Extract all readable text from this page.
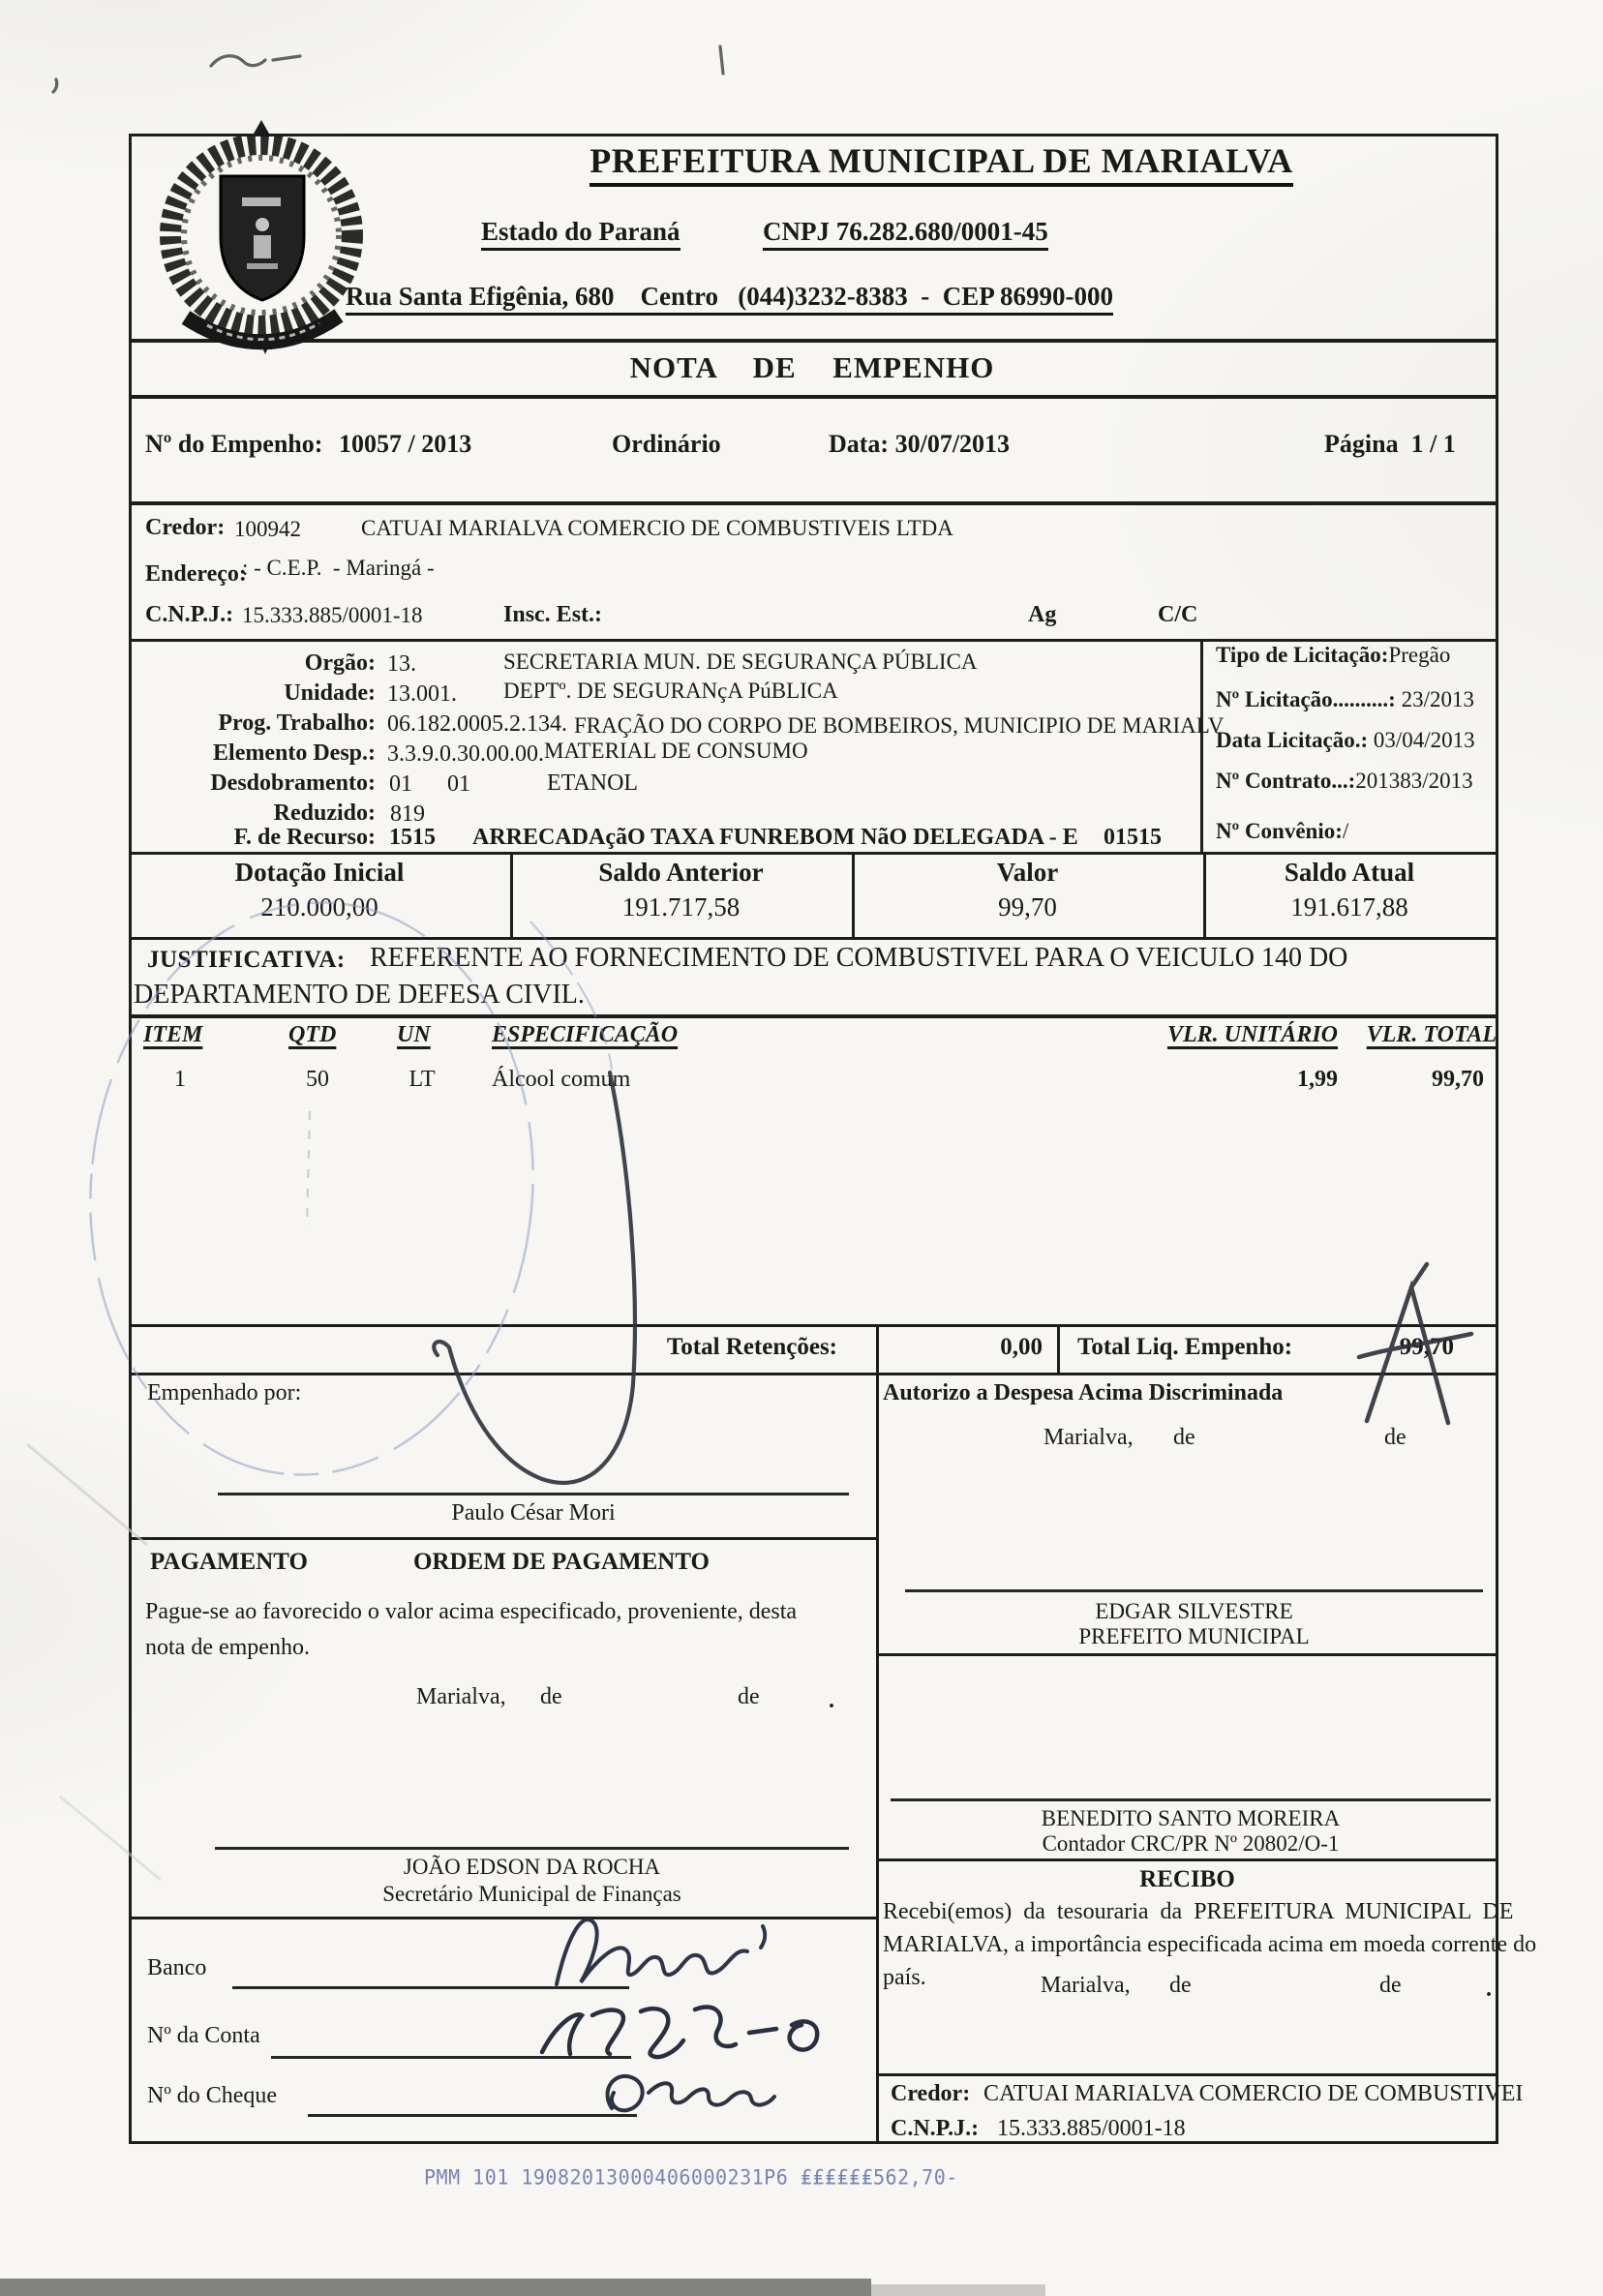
PREFEITURA MUNICIPAL DE MARIALVA
Estado do Paraná	CNPJ 76.282.680/0001-45
Rua Santa Efigênia, 680    Centro   (044)3232-8383  -  CEP 86990-000
NOTA  DE  EMPENHO
Nº do Empenho: 10057 / 2013	Ordinário	Data: 30/07/2013	Página  1 / 1
Credor: 100942	CATUAI MARIALVA COMERCIO DE COMBUSTIVEIS LTDA
Endereço:
: - C.E.P.  - Maringá -
C.N.P.J.: 15.333.885/0001-18	Insc. Est.:	Ag	C/C
Orgão: 13.	SECRETARIA MUN. DE SEGURANÇA PÚBLICA
Unidade: 13.001. DEPTº. DE SEGURANçA PúBLICA
Prog. Trabalho: 06.182.0005.2.134. FRAÇÃO DO CORPO DE BOMBEIROS, MUNICIPIO DE MARIALV
Elemento Desp.: 3.3.9.0.30.00.00. MATERIAL DE CONSUMO
Desdobramento: 01      01	ETANOL
Reduzido: 819
F. de Recurso: 1515 ARRECADAçãO TAXA FUNREBOM NãO DELEGADA - E 01515
Tipo de Licitação:Pregão
Nº Licitação..........: 23/2013
Data Licitação.: 03/04/2013
Nº Contrato...:201383/2013
Nº Convênio:/
Dotação Inicial	Saldo Anterior	Valor	Saldo Atual
210.000,00	191.717,58	99,70	191.617,88
JUSTIFICATIVA: REFERENTE AO FORNECIMENTO DE COMBUSTIVEL PARA O VEICULO 140 DO
DEPARTAMENTO DE DEFESA CIVIL.
ITEM	QTD	UN	ESPECIFICAÇÃO	VLR. UNITÁRIO VLR. TOTAL
1	50	LT	Álcool comum	1,99	99,70
Total Retenções:	0,00 Total Liq. Empenho:	99,70
Empenhado por:
Paulo César Mori
PAGAMENTO	ORDEM DE PAGAMENTO
Pague-se ao favorecido o valor acima especificado, proveniente, desta
nota de empenho.
Marialva, de	de	.
JOÃO EDSON DA ROCHA
Secretário Municipal de Finanças
Banco
Nº da Conta
Nº do Cheque
Autorizo a Despesa Acima Discriminada
Marialva, de	de
EDGAR SILVESTRE
PREFEITO MUNICIPAL
BENEDITO SANTO MOREIRA
Contador CRC/PR Nº 20802/O-1
RECIBO
Recebi(emos)  da  tesouraria  da  PREFEITURA  MUNICIPAL  DE
MARIALVA, a importância especificada acima em moeda corrente do
país.	Marialva, de	de	.
Credor: CATUAI MARIALVA COMERCIO DE COMBUSTIVEI
C.N.P.J.: 15.333.885/0001-18
PMM 101 19082013000406000231P6 ₤₤₤₤₤₤562,70-
